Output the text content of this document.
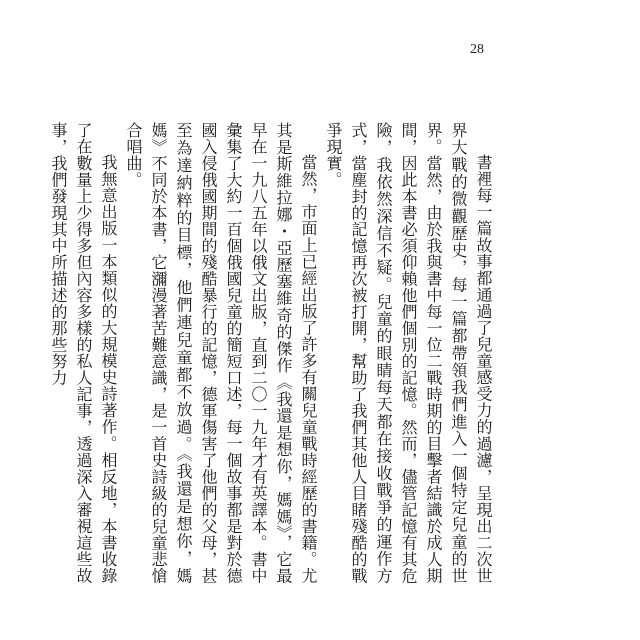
28

書裡每一篇故事都通過了兒童感受力的過濾，呈現出二次世界大戰的微觀歷史，每一篇都帶領我們進入一個特定兒童的世界。當然，由於我與書中每一位二戰時期的目擊者結識於成人期間，因此本書必須仰賴他們個別的記憶。然而，儘管記憶有其危險，我依然深信不疑。兒童的眼睛每天都在接收戰爭的運作方式，當塵封的記憶再次被打開，幫助了我們其他人目睹殘酷的戰爭現實。

當然，市面上已經出版了許多有關兒童戰時經歷的書籍。尤其是斯維拉娜・亞歷塞維奇的傑作《我還是想你，媽媽》，它最早在一九八五年以俄文出版，直到二〇一九年才有英譯本。書中彙集了大約一百個俄國兒童的簡短口述，每一個故事都是對於德國入侵俄國期間的殘酷暴行的記憶，德軍傷害了他們的父母，甚至為達納粹的目標，他們連兒童都不放過。《我還是想你，媽媽》不同於本書，它瀰漫著苦難意識，是一首史詩級的兒童悲愴合唱曲。

我無意出版一本類似的大規模史詩著作。相反地，本書收錄了在數量上少得多但內容多樣的私人記事，透過深入審視這些故事，我們發現其中所描述的那些努力
